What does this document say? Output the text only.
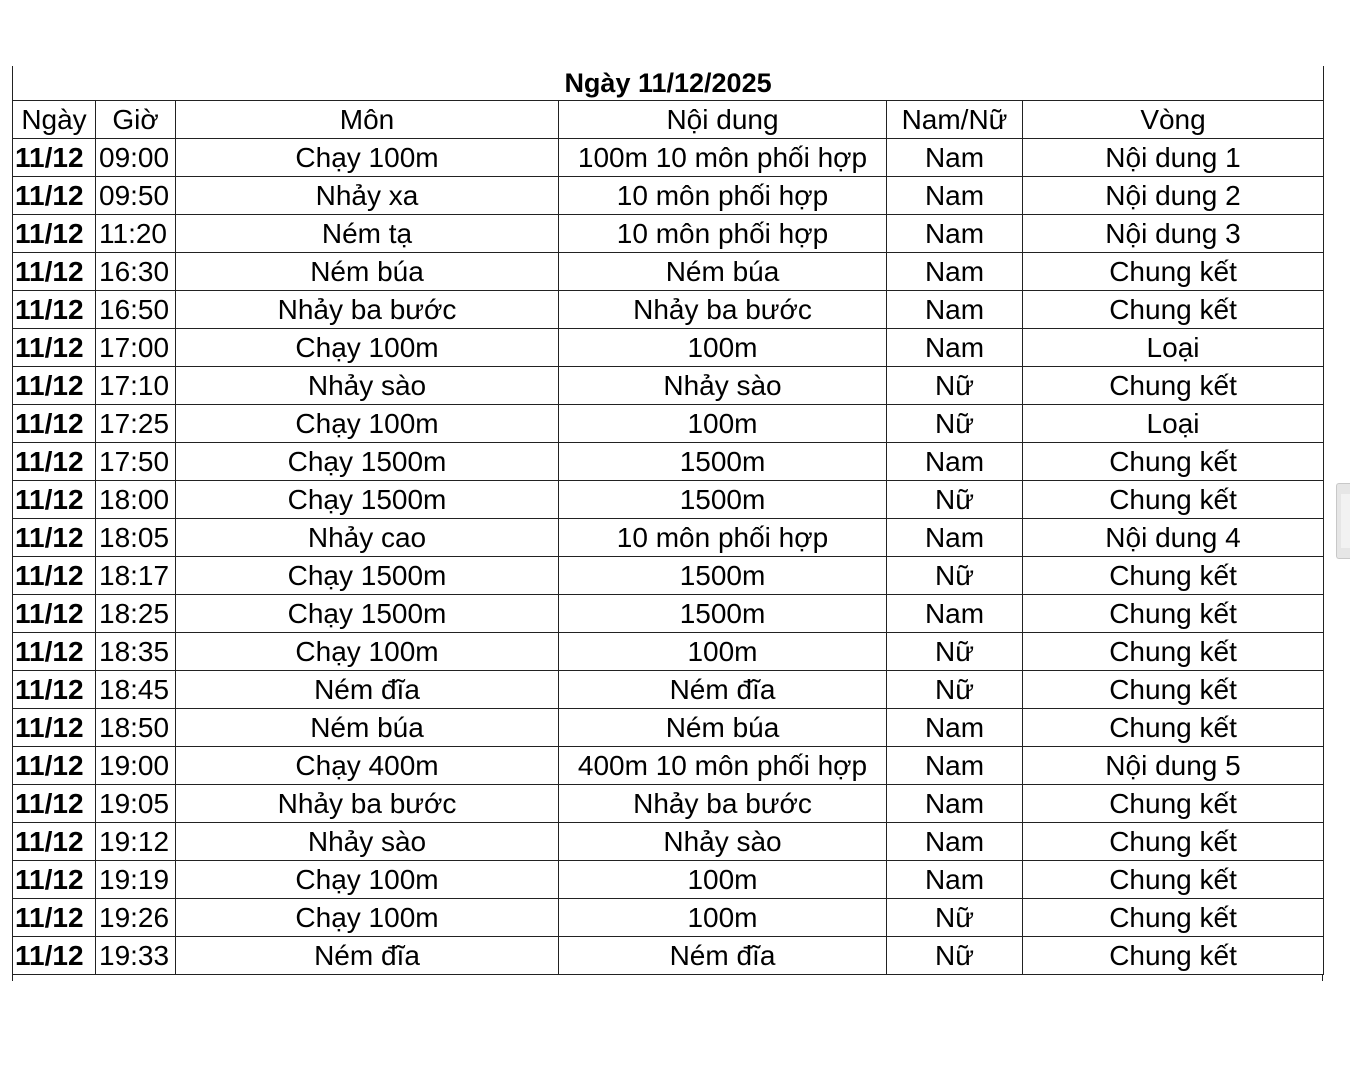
Ngày 11/12/2025					
Ngày	Giờ	Môn	Nội dung	Nam/Nữ	Vòng
11/12	09:00	Chạy 100m	100m 10 môn phối hợp	Nam	Nội dung 1
11/12	09:50	Nhảy xa	10 môn phối hợp	Nam	Nội dung 2
11/12	11:20	Ném tạ	10 môn phối hợp	Nam	Nội dung 3
11/12	16:30	Ném búa	Ném búa	Nam	Chung kết
11/12	16:50	Nhảy ba bước	Nhảy ba bước	Nam	Chung kết
11/12	17:00	Chạy 100m	100m	Nam	Loại
11/12	17:10	Nhảy sào	Nhảy sào	Nữ	Chung kết
11/12	17:25	Chạy 100m	100m	Nữ	Loại
11/12	17:50	Chạy 1500m	1500m	Nam	Chung kết
11/12	18:00	Chạy 1500m	1500m	Nữ	Chung kết
11/12	18:05	Nhảy cao	10 môn phối hợp	Nam	Nội dung 4
11/12	18:17	Chạy 1500m	1500m	Nữ	Chung kết
11/12	18:25	Chạy 1500m	1500m	Nam	Chung kết
11/12	18:35	Chạy 100m	100m	Nữ	Chung kết
11/12	18:45	Ném đĩa	Ném đĩa	Nữ	Chung kết
11/12	18:50	Ném búa	Ném búa	Nam	Chung kết
11/12	19:00	Chạy 400m	400m 10 môn phối hợp	Nam	Nội dung 5
11/12	19:05	Nhảy ba bước	Nhảy ba bước	Nam	Chung kết
11/12	19:12	Nhảy sào	Nhảy sào	Nam	Chung kết
11/12	19:19	Chạy 100m	100m	Nam	Chung kết
11/12	19:26	Chạy 100m	100m	Nữ	Chung kết
11/12	19:33	Ném đĩa	Ném đĩa	Nữ	Chung kết
